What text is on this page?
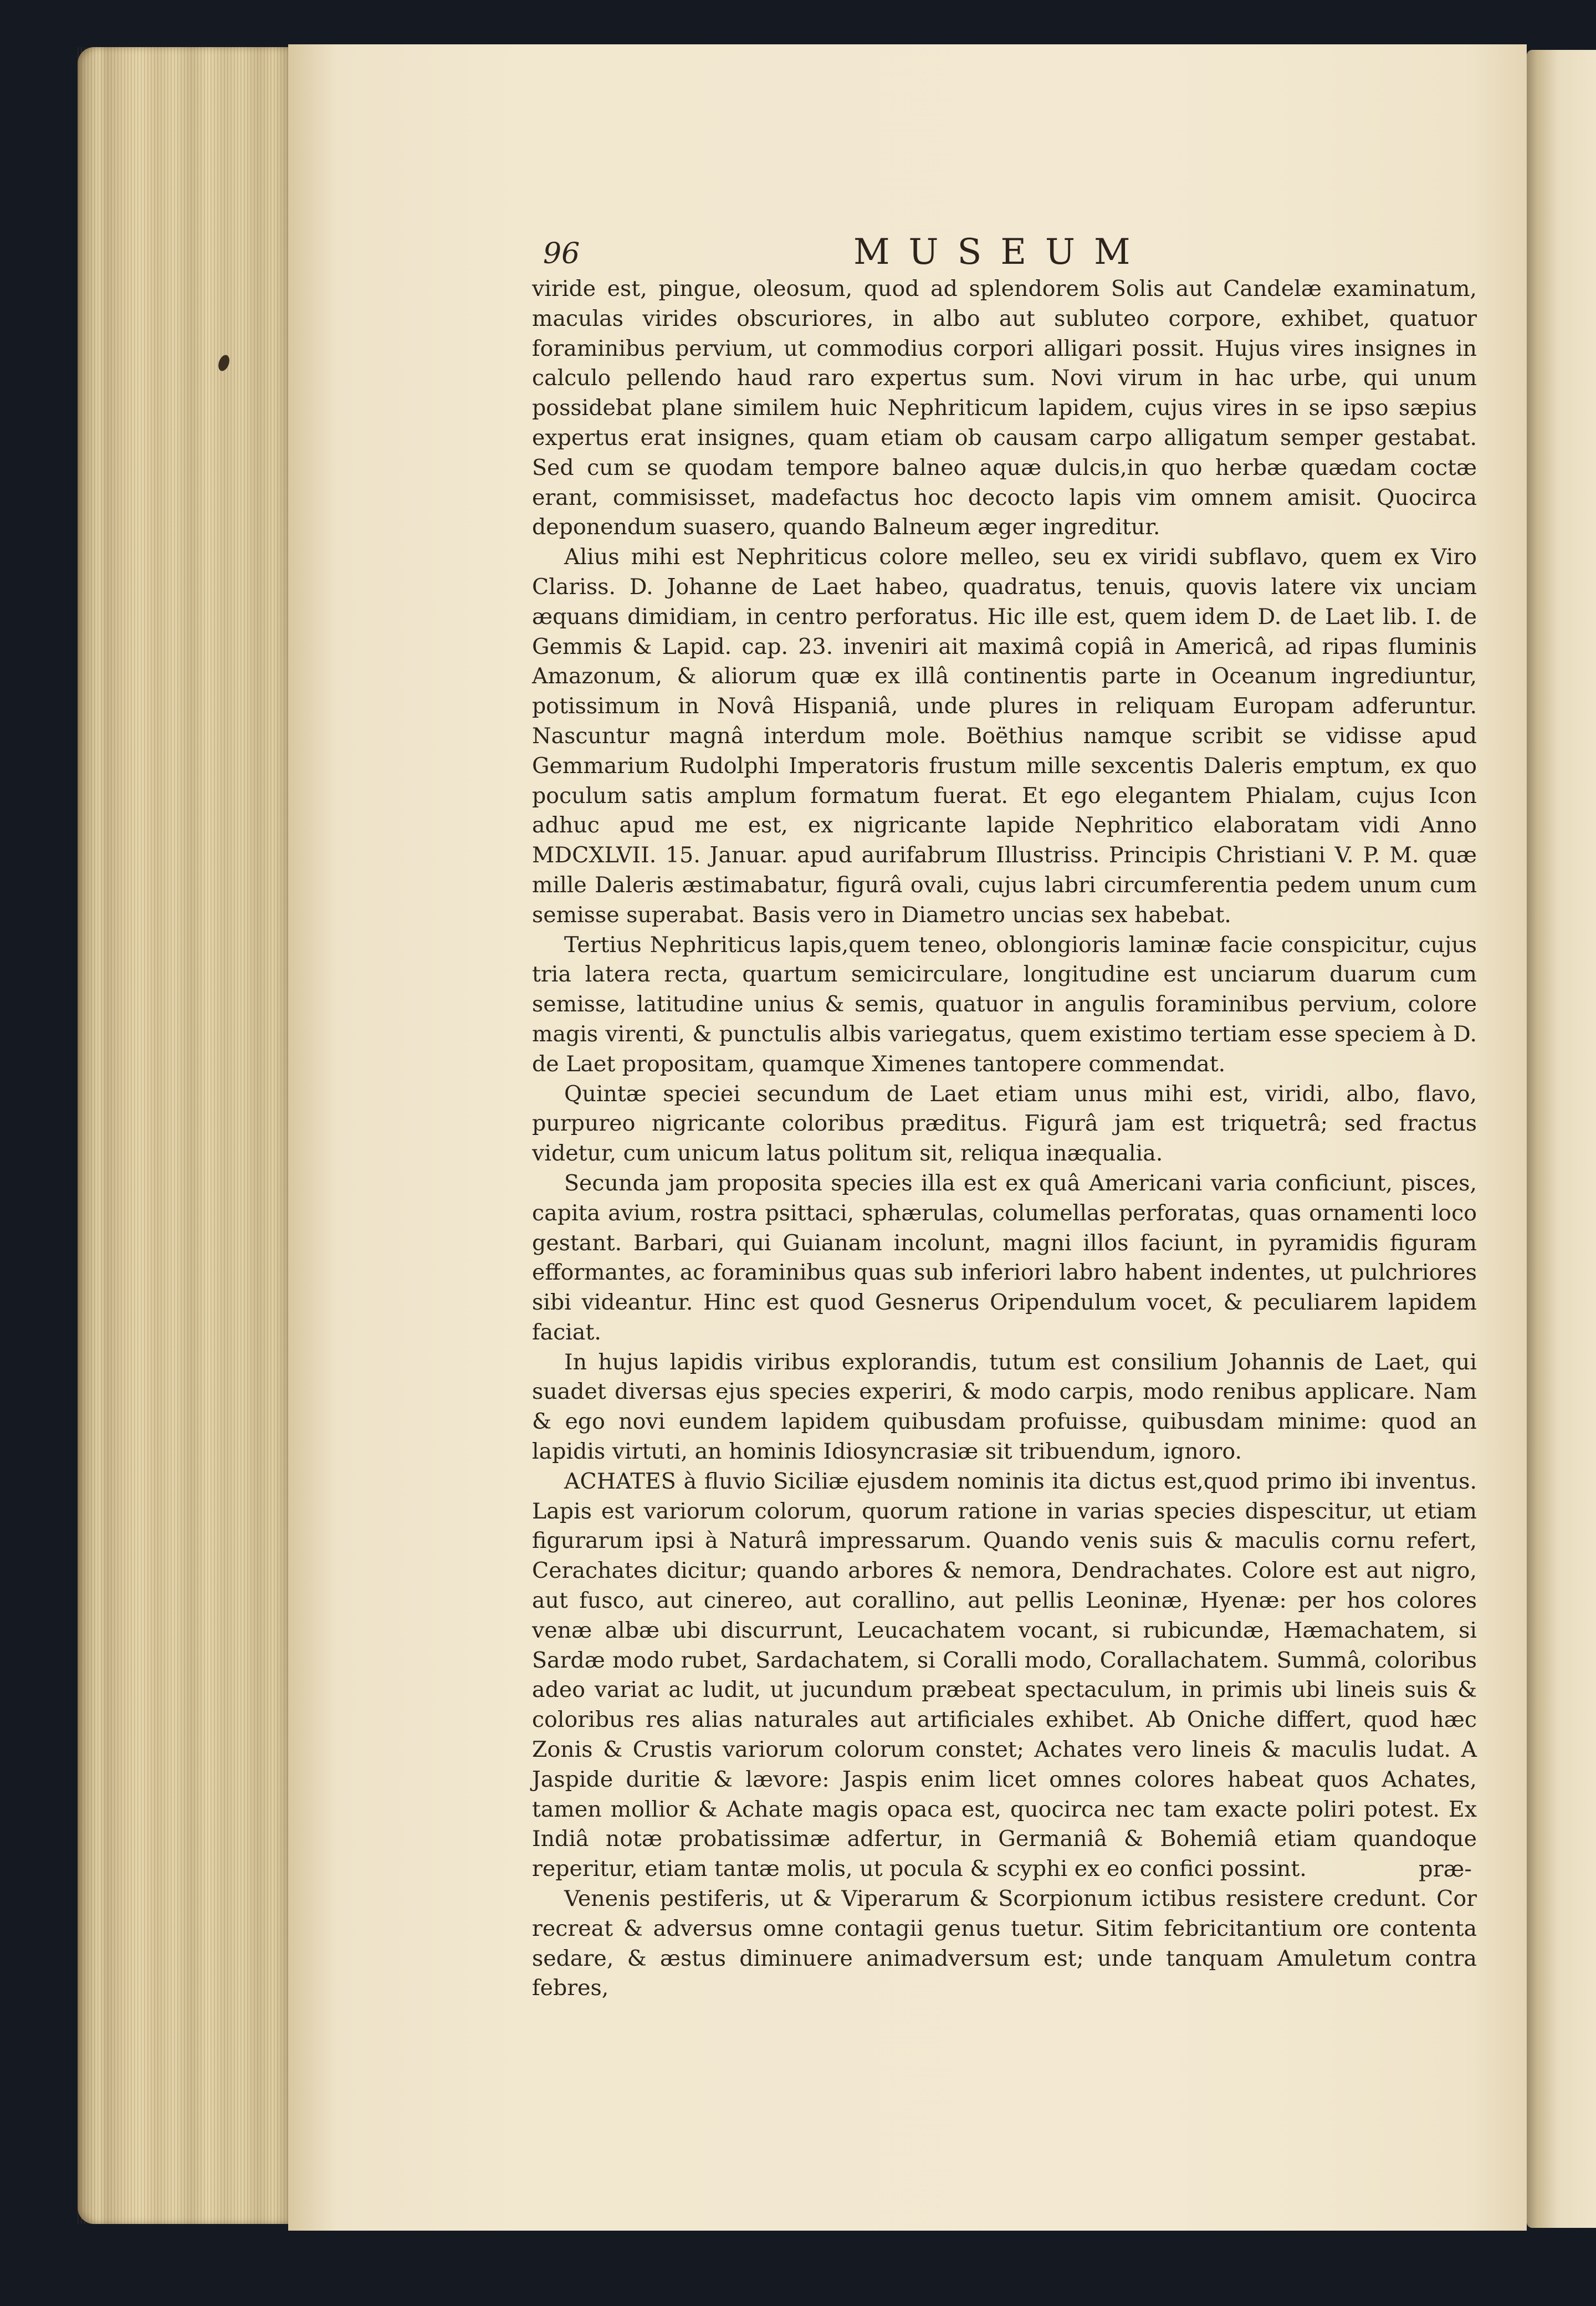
96	MUSEUM

viride est, pingue, oleosum, quod ad splendorem Solis aut Candelæ examinatum, maculas virides obscuriores, in albo aut subluteo corpore, exhibet, quatuor foraminibus pervium, ut commodius corpori alligari possit. Hujus vires insignes in calculo pellendo haud raro expertus sum. Novi virum in hac urbe, qui unum possidebat plane similem huic Nephriticum lapidem, cujus vires in se ipso sæpius expertus erat insignes, quam etiam ob causam carpo alligatum semper gestabat. Sed cum se quodam tempore balneo aquæ dulcis,in quo herbæ quædam coctæ erant, commisisset, madefactus hoc decocto lapis vim omnem amisit. Quocirca deponendum suasero, quando Balneum æger ingreditur.

Alius mihi est Nephriticus colore melleo, seu ex viridi subflavo, quem ex Viro Clariss. D. Johanne de Laet habeo, quadratus, tenuis, quovis latere vix unciam æquans dimidiam, in centro perforatus. Hic ille est, quem idem D. de Laet lib. I. de Gemmis & Lapid. cap. 23. inveniri ait maximâ copiâ in Americâ, ad ripas fluminis Amazonum, & aliorum quæ ex illâ continentis parte in Oceanum ingrediuntur, potissimum in Novâ Hispaniâ, unde plures in reliquam Europam adferuntur. Nascuntur magnâ interdum mole. Boëthius namque scribit se vidisse apud Gemmarium Rudolphi Imperatoris frustum mille sexcentis Daleris emptum, ex quo poculum satis amplum formatum fuerat. Et ego elegantem Phialam, cujus Icon adhuc apud me est, ex nigricante lapide Nephritico elaboratam vidi Anno MDCXLVII. 15. Januar. apud aurifabrum Illustriss. Principis Christiani V. P. M. quæ mille Daleris æstimabatur, figurâ ovali, cujus labri circumferentia pedem unum cum semisse superabat. Basis vero in Diametro uncias sex habebat.

Tertius Nephriticus lapis,quem teneo, oblongioris laminæ facie conspicitur, cujus tria latera recta, quartum semicirculare, longitudine est unciarum duarum cum semisse, latitudine unius & semis, quatuor in angulis foraminibus pervium, colore magis virenti, & punctulis albis variegatus, quem existimo tertiam esse speciem à D. de Laet propositam, quamque Ximenes tantopere commendat.

Quintæ speciei secundum de Laet etiam unus mihi est, viridi, albo, flavo, purpureo nigricante coloribus præditus. Figurâ jam est triquetrâ; sed fractus videtur, cum unicum latus politum sit, reliqua inæqualia.

Secunda jam proposita species illa est ex quâ Americani varia conficiunt, pisces, capita avium, rostra psittaci, sphærulas, columellas perforatas, quas ornamenti loco gestant. Barbari, qui Guianam incolunt, magni illos faciunt, in pyramidis figuram efformantes, ac foraminibus quas sub inferiori labro habent indentes, ut pulchriores sibi videantur. Hinc est quod Gesnerus Oripendulum vocet, & peculiarem lapidem faciat.

In hujus lapidis viribus explorandis, tutum est consilium Johannis de Laet, qui suadet diversas ejus species experiri, & modo carpis, modo renibus applicare. Nam & ego novi eundem lapidem quibusdam profuisse, quibusdam minime: quod an lapidis virtuti, an hominis Idiosyncrasiæ sit tribuendum, ignoro.

ACHATES à fluvio Siciliæ ejusdem nominis ita dictus est,quod primo ibi inventus. Lapis est variorum colorum, quorum ratione in varias species dispescitur, ut etiam figurarum ipsi à Naturâ impressarum. Quando venis suis & maculis cornu refert, Cerachates dicitur; quando arbores & nemora, Dendrachates. Colore est aut nigro, aut fusco, aut cinereo, aut corallino, aut pellis Leoninæ, Hyenæ: per hos colores venæ albæ ubi discurrunt, Leucachatem vocant, si rubicundæ, Hæmachatem, si Sardæ modo rubet, Sardachatem, si Coralli modo, Corallachatem. Summâ, coloribus adeo variat ac ludit, ut jucundum præbeat spectaculum, in primis ubi lineis suis & coloribus res alias naturales aut artificiales exhibet. Ab Oniche differt, quod hæc Zonis & Crustis variorum colorum constet; Achates vero lineis & maculis ludat. A Jaspide duritie & lævore: Jaspis enim licet omnes colores habeat quos Achates, tamen mollior & Achate magis opaca est, quocirca nec tam exacte poliri potest. Ex Indiâ notæ probatissimæ adfertur, in Germaniâ & Bohemiâ etiam quandoque reperitur, etiam tantæ molis, ut pocula & scyphi ex eo confici possint.

Venenis pestiferis, ut & Viperarum & Scorpionum ictibus resistere credunt. Cor recreat & adversus omne contagii genus tuetur. Sitim febricitantium ore contenta sedare, & æstus diminuere animadversum est; unde tanquam Amuletum contra febres,

præ-
